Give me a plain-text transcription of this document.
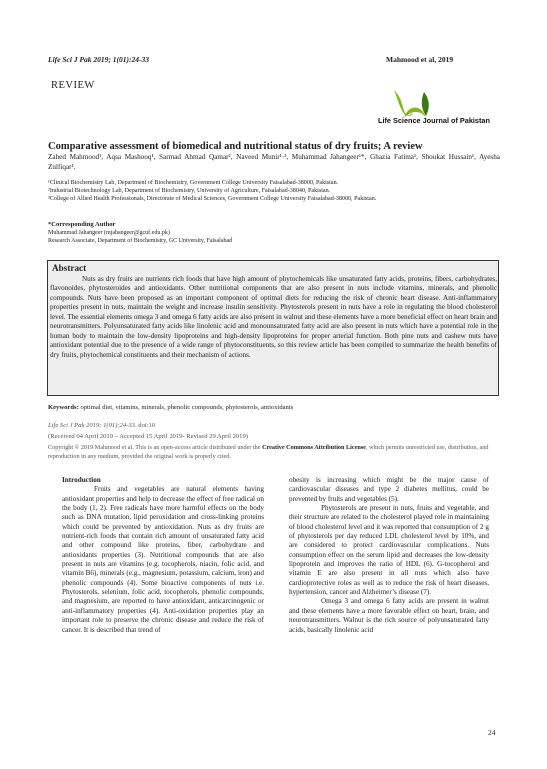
Life Sci J Pak 2019; 1(01):24-33	Mahmood et al, 2019
REVIEW
LSJP
Life Science Journal of Pakistan
Comparative assessment of biomedical and nutritional status of dry fruits; A review
Zahed Mahmood¹, Aqsa Mashooq¹, Sarmad Ahmad Qamar², Naveed Munir¹·³, Muhammad Jahangeer¹*, Ghazia Fatima¹, Shoukat Hussain¹, Ayesha Zulfiqar¹.
¹Clinical Biochemistry Lab, Department of Biochemistry, Government College University Faisalabad-38000, Pakistan.
²Industrial Biotechnology Lab, Department of Biochemistry, University of Agriculture, Faisalabad-38040, Pakistan.
³College of Allied Health Professionals, Directorate of Medical Sciences, Government College University Faisalabad-38000, Pakistan.
*Corresponding Author
Muhammad Jahangeer (mjahangeer@gcuf.edu.pk)
Research Associate, Department of Biochemistry, GC University, Faisalabad
Abstract
Nuts as dry fruits are nutrients rich foods that have high amount of phytochemicals like unsaturated fatty acids, proteins, fibers, carbohydrates, flavonoides, phytosteroides and antioxidants. Other nutritional components that are also present in nuts include vitamins, minerals, and phenolic compounds. Nuts have been proposed as an important component of optimal diets for reducing the risk of chronic heart disease. Anti-inflammatory properties present in nuts, maintain the weight and increase insulin sensitivity. Phytosterols present in nuts have a role in regulating the blood cholesterol level. The essential elements omega 3 and omega 6 fatty acids are also present in walnut and these elements have a more beneficial effect on heart brain and neurotransmitters. Polyunsaturated fatty acids like linolenic acid and monounsaturated fatty acid are also present in nuts which have a potential role in the human body to maintain the low-density lipoproteins and high-density lipoproteins for proper arterial function. Both pine nuts and cashew nuts have antioxidant potential due to the presence of a wide range of phytoconstituents, so this review article has been compiled to summarize the health benefits of dry fruits, phytochemical constituents and their mechanism of actions.
Keywords: optimal diet, vitamins, minerals, phenolic compounds, phytosterols, antioxidants
Life Sci J Pak 2019; 1(01):24-33. doi:10
(Received 04 April 2019 – Accepted 15 April 2019- Revised 29 April 2019)
Copyright © 2019 Mahmood et al. This is an open-access article distributed under the Creative Commons Attribution License, which permits unrestricted use, distribution, and reproduction in any medium, provided the original work is properly cited.

Introduction

Fruits and vegetables are natural elements having antioxidant properties and help to decrease the effect of free radical on the body (1, 2). Free radicals have more harmful effects on the body such as DNA mutation, lipid peroxidation and cross-linking proteins which could be prevented by antioxidation. Nuts as dry fruits are nutrient-rich foods that contain rich amount of unsaturated fatty acid and other compound like proteins, fiber, carbohydrate and antioxidants properties (3). Nutritional compounds that are also present in nuts are vitamins (e.g. tocopherols, niacin, folic acid, and vitamin B6), minerals (e.g., magnesium, potassium, calcium, iron) and phenolic compounds (4). Some bioactive components of nuts i.e. Phytosterols, selenium, folic acid, tocopherols, phenolic compounds, and magnesium, are reported to have antioxidant, anticarcinogenic or anti-inflammatory properties (4). Anti-oxidation properties play an important role to preserve the chronic disease and reduce the risk of cancer. It is described that trend of

obesity is increasing which might be the major cause of cardiovascular diseases and type 2 diabetes mellitus, could be prevented by fruits and vegetables (5).

Phytosterols are present in nuts, fruits and vegetable, and their structure are related to the cholesterol played role in maintaining of blood cholesterol level and it was reported that consumption of 2 g of phytosterols per day reduced LDL cholesterol level by 10%, and are considered to protect cardiovascular complications. Nuts consumption effect on the serum lipid and decreases the low-density lipoprotein and improves the ratio of HDL (6). G-tocopherol and vitamin E are also present in all nuts which also have cardioprotective roles as well as to reduce the risk of heart diseases, hypertension, cancer and Alzheimer’s disease (7).

Omega 3 and omega 6 fatty acids are present in walnut and these elements have a more favorable effect on heart, brain, and neurotransmitters. Walnut is the rich source of polyunsaturated fatty acids, basically linolenic acid

24
